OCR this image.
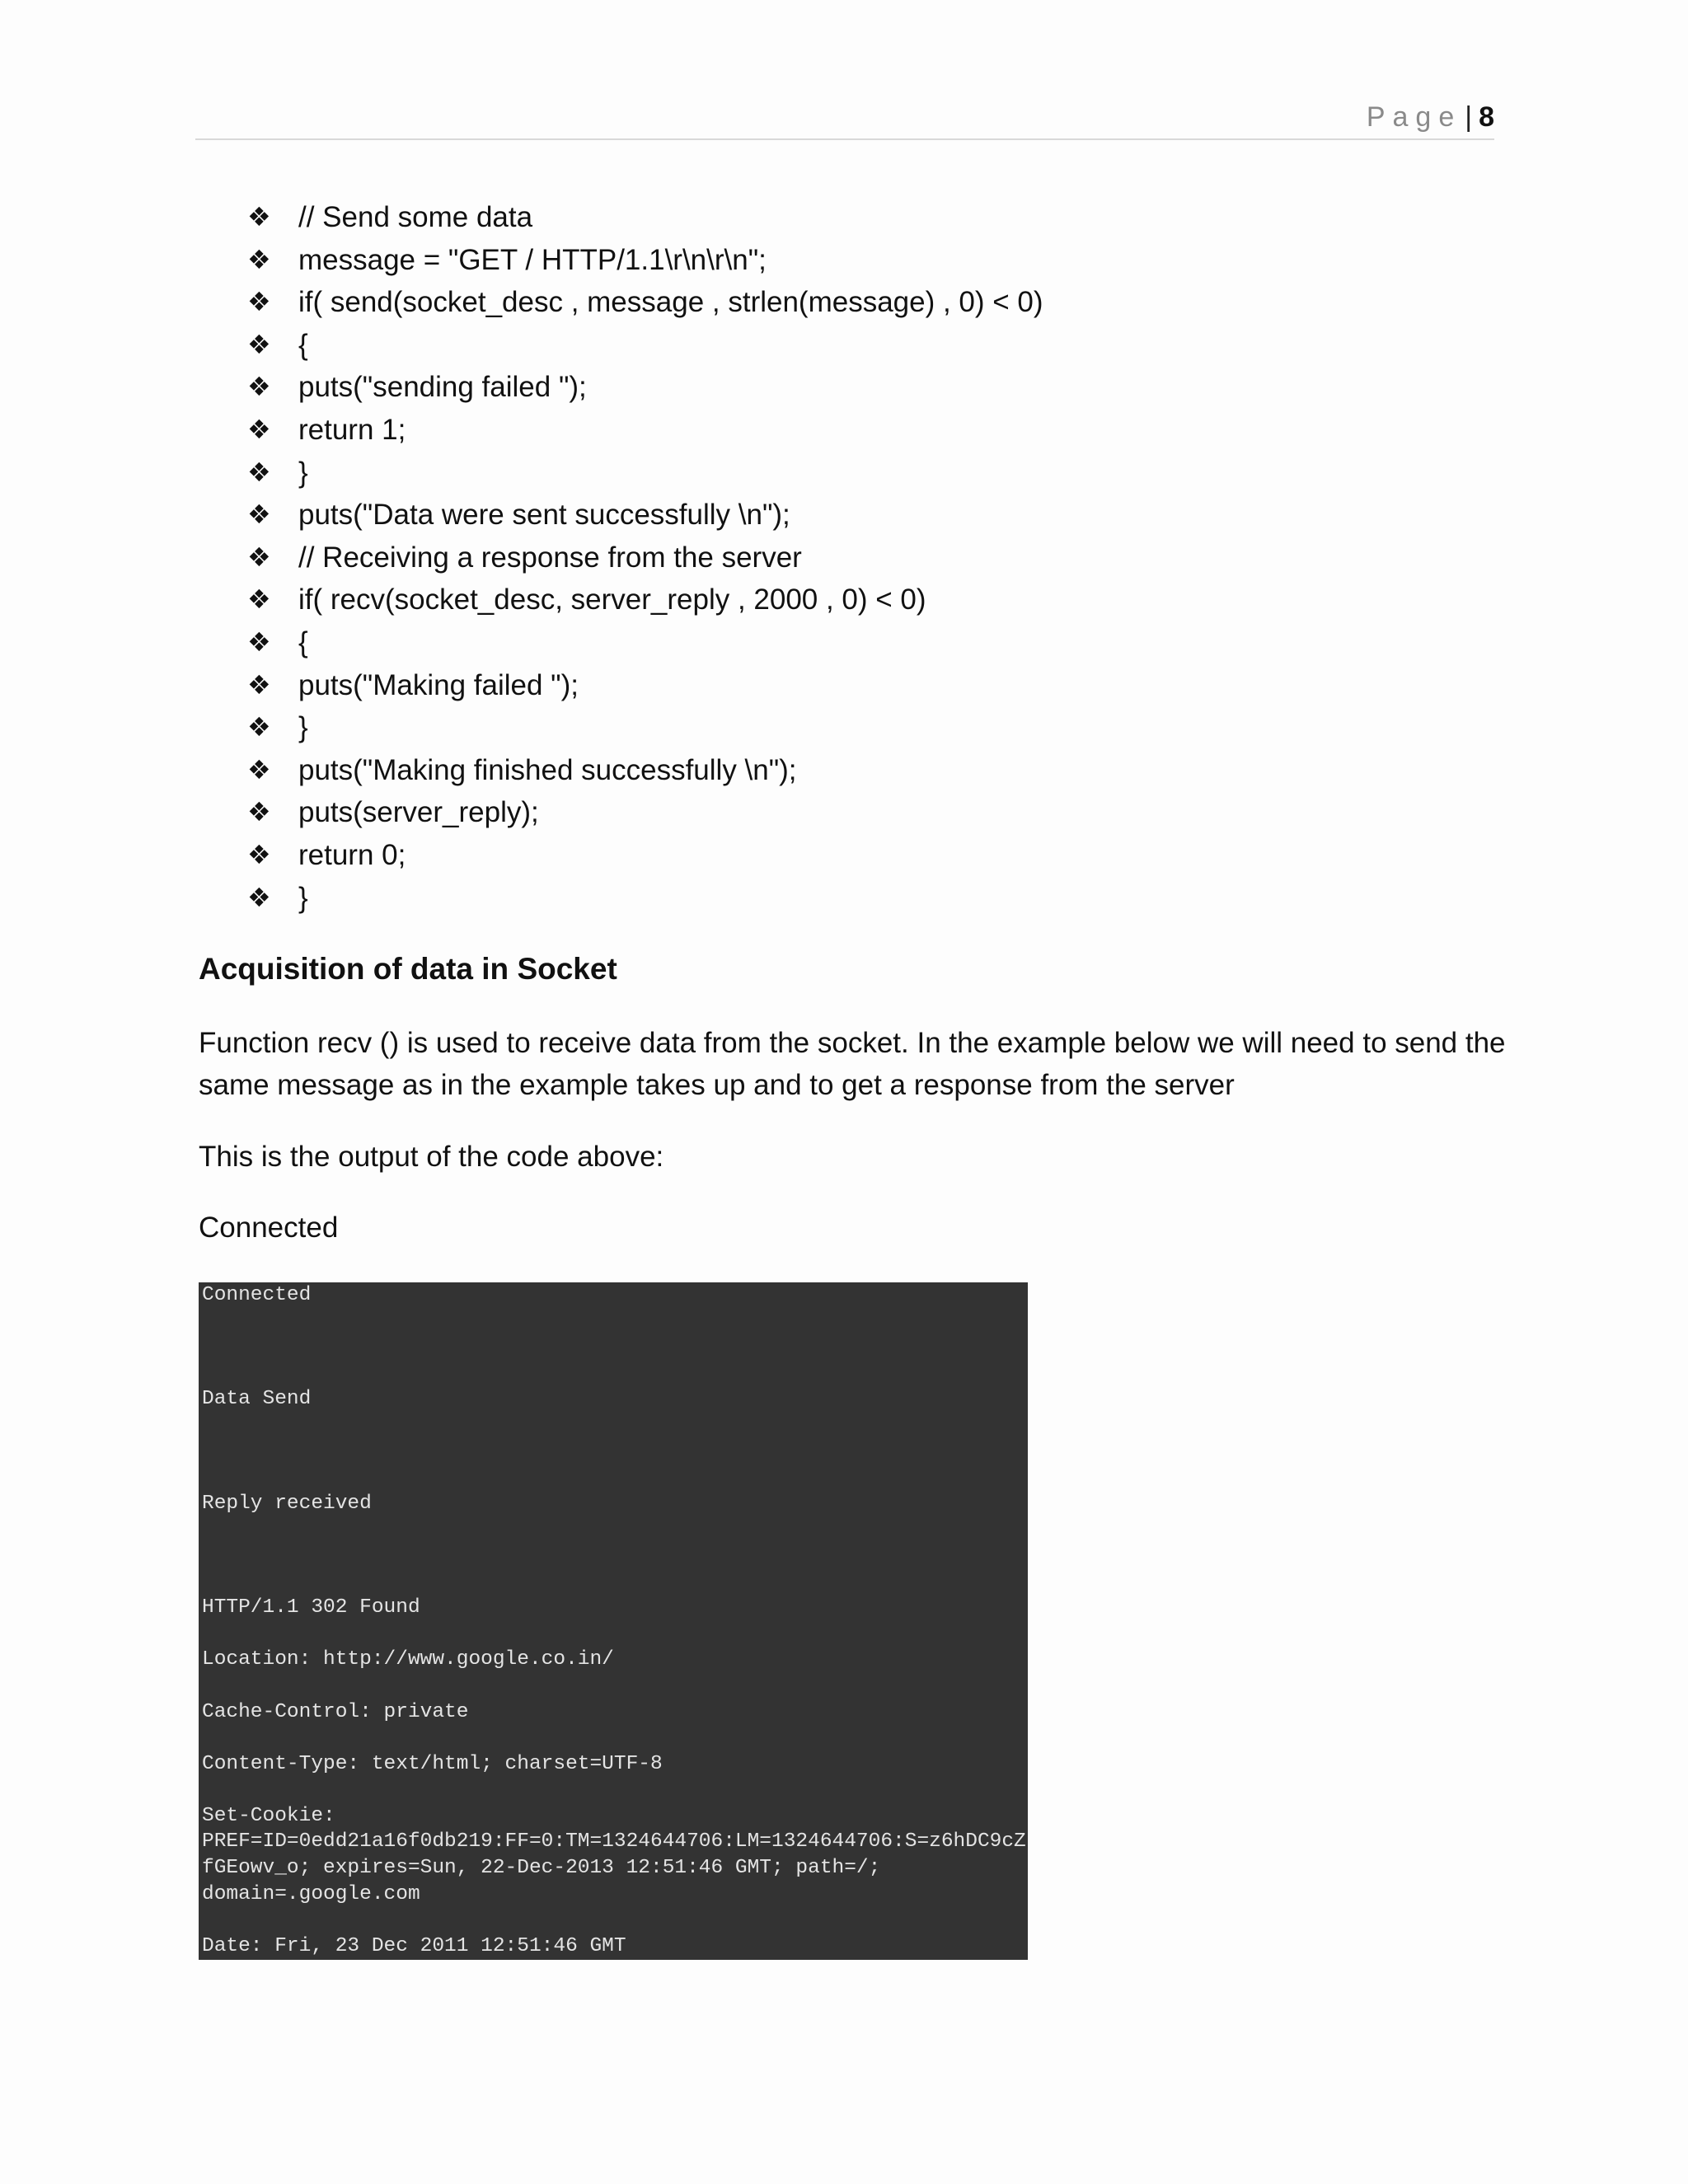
Page | 8
❖ // Send some data
❖ message = "GET / HTTP/1.1\r\n\r\n";
❖ if( send(socket_desc , message , strlen(message) , 0) < 0)
❖ {
❖ puts("sending failed ");
❖ return 1;
❖ }
❖ puts("Data were sent successfully \n");
❖ // Receiving a response from the server
❖ if( recv(socket_desc, server_reply , 2000 , 0) < 0)
❖ {
❖ puts("Making failed ");
❖ }
❖ puts("Making finished successfully \n");
❖ puts(server_reply);
❖ return 0;
❖ }
Acquisition of data in Socket

Function recv () is used to receive data from the socket. In the example below we will need to send the same message as in the example takes up and to get a response from the server

This is the output of the code above:

Connected

Connected
Data Send
Reply received
HTTP/1.1 302 Found
Location: http://www.google.co.in/
Cache-Control: private
Content-Type: text/html; charset=UTF-8
Set-Cookie:
PREF=ID=0edd21a16f0db219:FF=0:TM=1324644706:LM=1324644706:S=z6hDC9cZ
fGEowv_o; expires=Sun, 22-Dec-2013 12:51:46 GMT; path=/;
domain=.google.com
Date: Fri, 23 Dec 2011 12:51:46 GMT
